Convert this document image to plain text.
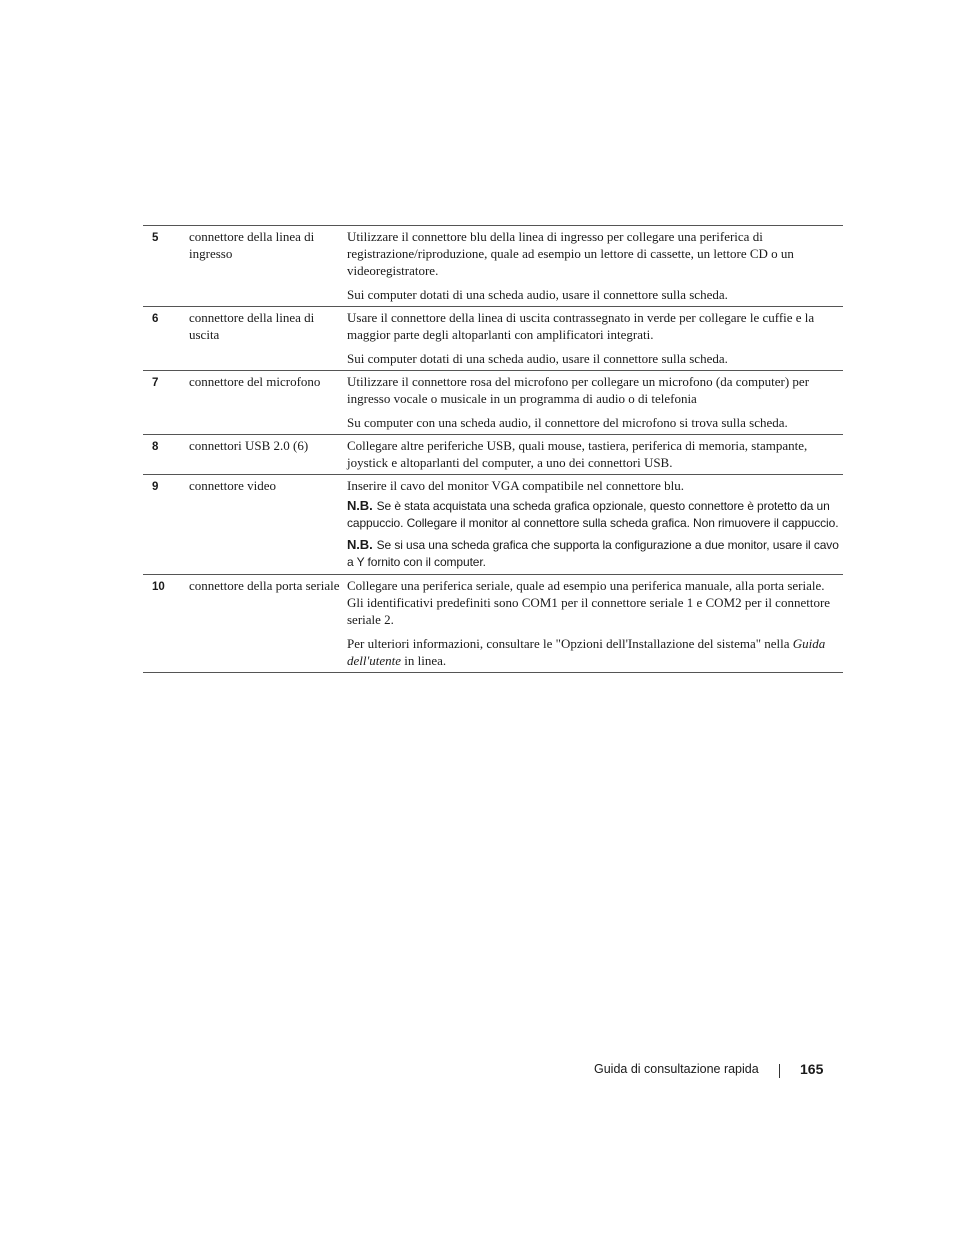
5	connettore della linea di ingresso	Utilizzare il connettore blu della linea di ingresso per collegare una periferica di registrazione/riproduzione, quale ad esempio un lettore di cassette, un lettore CD o un videoregistratore.

Sui computer dotati di una scheda audio, usare il connettore sulla scheda.

6	connettore della linea di uscita	Usare il connettore della linea di uscita contrassegnato in verde per collegare le cuffie e la maggior parte degli altoparlanti con amplificatori integrati.

Sui computer dotati di una scheda audio, usare il connettore sulla scheda.

7	connettore del microfono	Utilizzare il connettore rosa del microfono per collegare un microfono (da computer) per ingresso vocale o musicale in un programma di audio o di telefonia

Su computer con una scheda audio, il connettore del microfono si trova sulla scheda.

8	connettori USB 2.0 (6)	Collegare altre periferiche USB, quali mouse, tastiera, periferica di memoria, stampante, joystick e altoparlanti del computer, a uno dei connettori USB.

9	connettore video	Inserire il cavo del monitor VGA compatibile nel connettore blu.

N.B. Se è stata acquistata una scheda grafica opzionale, questo connettore è protetto da un cappuccio. Collegare il monitor al connettore sulla scheda grafica. Non rimuovere il cappuccio.

N.B. Se si usa una scheda grafica che supporta la configurazione a due monitor, usare il cavo a Y fornito con il computer.

10	connettore della porta seriale	Collegare una periferica seriale, quale ad esempio una periferica manuale, alla porta seriale. Gli identificativi predefiniti sono COM1 per il connettore seriale 1 e COM2 per il connettore seriale 2.

Per ulteriori informazioni, consultare le "Opzioni dell'Installazione del sistema" nella Guida dell'utente in linea.

Guida di consultazione rapida	165
